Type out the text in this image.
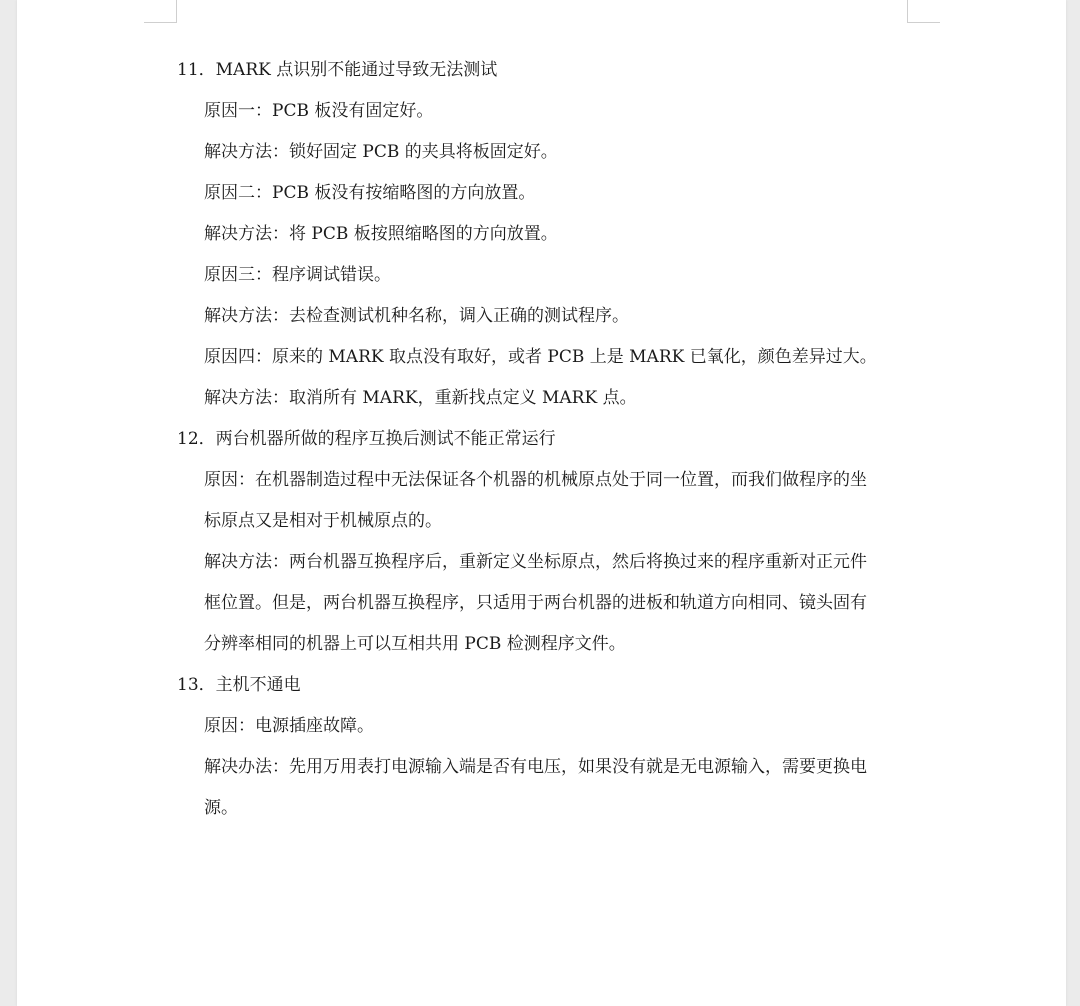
11．MARK 点识别不能通过导致无法测试
原因一：PCB 板没有固定好。
解决方法：锁好固定 PCB 的夹具将板固定好。
原因二：PCB 板没有按缩略图的方向放置。
解决方法：将 PCB 板按照缩略图的方向放置。
原因三：程序调试错误。
解决方法：去检查测试机种名称，调入正确的测试程序。
原因四：原来的 MARK 取点没有取好，或者 PCB 上是 MARK 已氧化，颜色差异过大。
解决方法：取消所有 MARK，重新找点定义 MARK 点。
12．两台机器所做的程序互换后测试不能正常运行
原因：在机器制造过程中无法保证各个机器的机械原点处于同一位置，而我们做程序的坐
标原点又是相对于机械原点的。
解决方法：两台机器互换程序后，重新定义坐标原点，然后将换过来的程序重新对正元件
框位置。但是，两台机器互换程序，只适用于两台机器的进板和轨道方向相同、镜头固有
分辨率相同的机器上可以互相共用 PCB 检测程序文件。
13．主机不通电
原因：电源插座故障。
解决办法：先用万用表打电源输入端是否有电压，如果没有就是无电源输入，需要更换电
源。
